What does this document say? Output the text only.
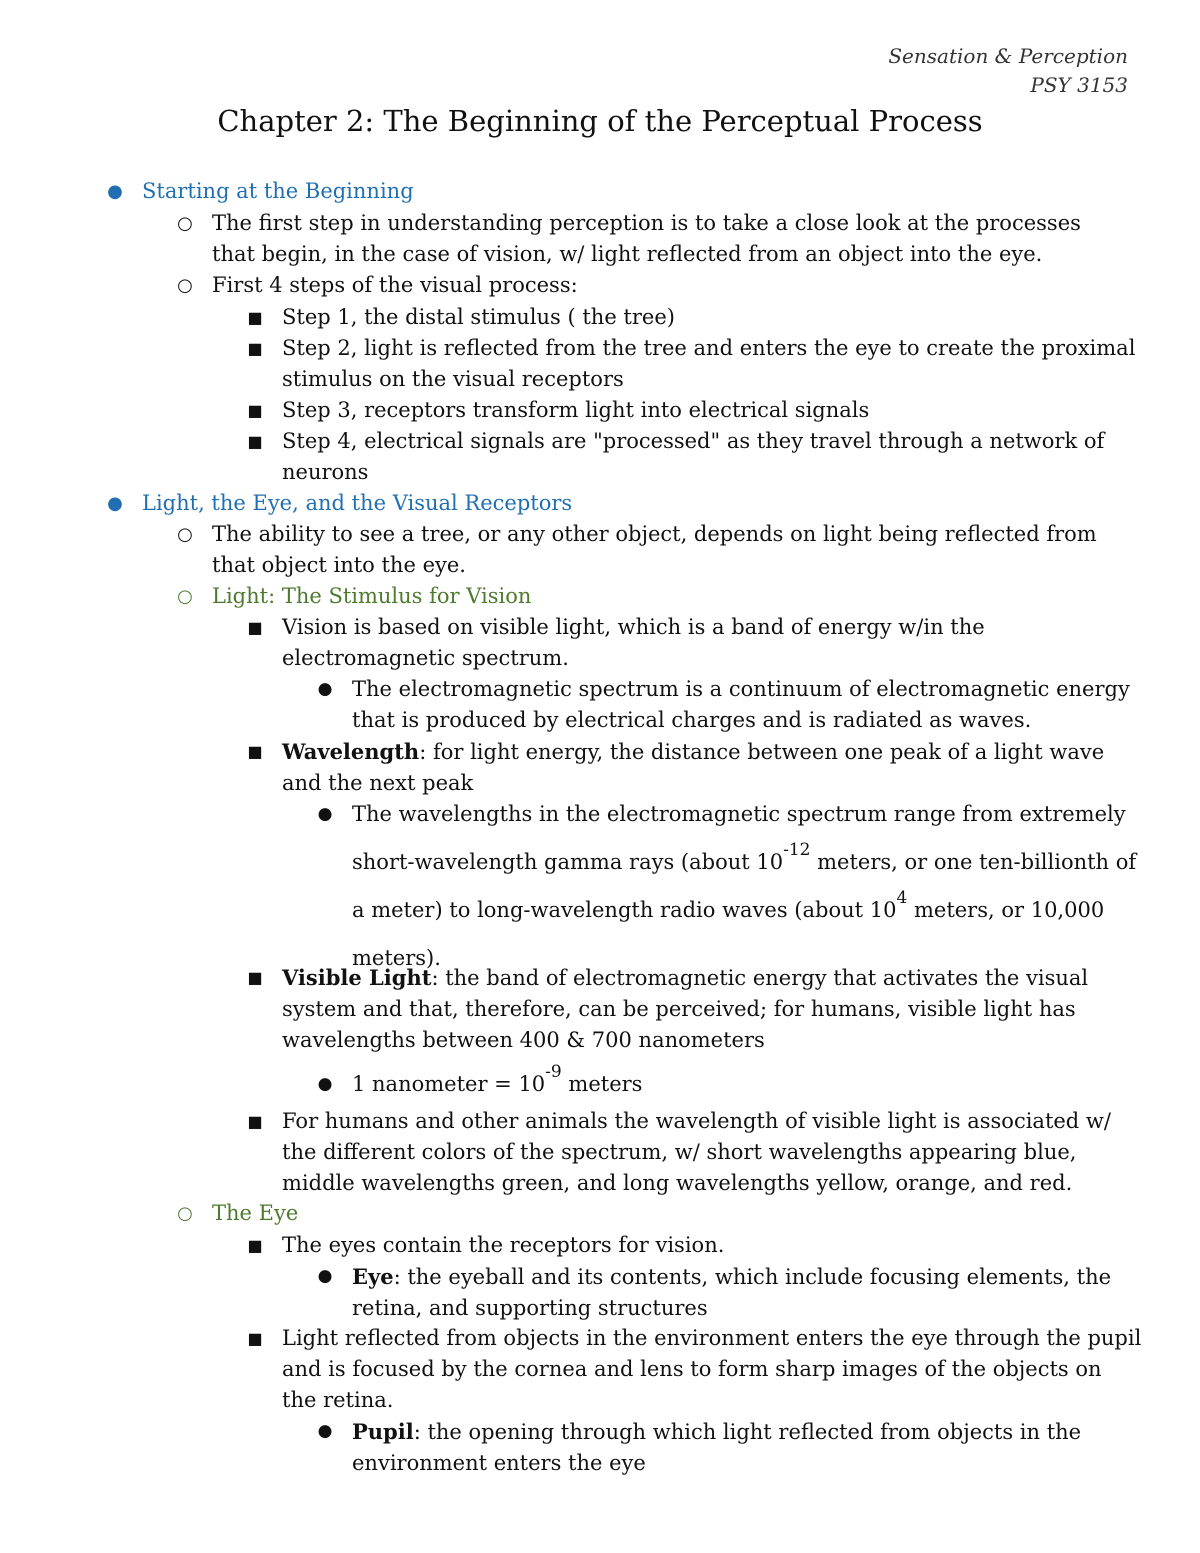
Sensation & Perception
PSY 3153
Chapter 2: The Beginning of the Perceptual Process
● Starting at the Beginning
○ The first step in understanding perception is to take a close look at the processes that begin, in the case of vision, w/ light reflected from an object into the eye.
○ First 4 steps of the visual process:
■ Step 1, the distal stimulus ( the tree)
■ Step 2, light is reflected from the tree and enters the eye to create the proximal stimulus on the visual receptors
■ Step 3, receptors transform light into electrical signals
■ Step 4, electrical signals are "processed" as they travel through a network of neurons
● Light, the Eye, and the Visual Receptors
○ The ability to see a tree, or any other object, depends on light being reflected from that object into the eye.
○ Light: The Stimulus for Vision
■ Vision is based on visible light, which is a band of energy w/in the electromagnetic spectrum.
● The electromagnetic spectrum is a continuum of electromagnetic energy that is produced by electrical charges and is radiated as waves.
■ Wavelength: for light energy, the distance between one peak of a light wave and the next peak
● The wavelengths in the electromagnetic spectrum range from extremely short-wavelength gamma rays (about $10^{-12}$ meters, or one ten-billionth of a meter) to long-wavelength radio waves (about $10^4$ meters, or 10,000 meters).
■ Visible Light: the band of electromagnetic energy that activates the visual system and that, therefore, can be perceived; for humans, visible light has wavelengths between 400 & 700 nanometers
● 1 nanometer = $10^{-9}$ meters
■ For humans and other animals the wavelength of visible light is associated w/ the different colors of the spectrum, w/ short wavelengths appearing blue, middle wavelengths green, and long wavelengths yellow, orange, and red.
○ The Eye
■ The eyes contain the receptors for vision.
● Eye: the eyeball and its contents, which include focusing elements, the retina, and supporting structures
■ Light reflected from objects in the environment enters the eye through the pupil and is focused by the cornea and lens to form sharp images of the objects on the retina.
● Pupil: the opening through which light reflected from objects in the environment enters the eye
